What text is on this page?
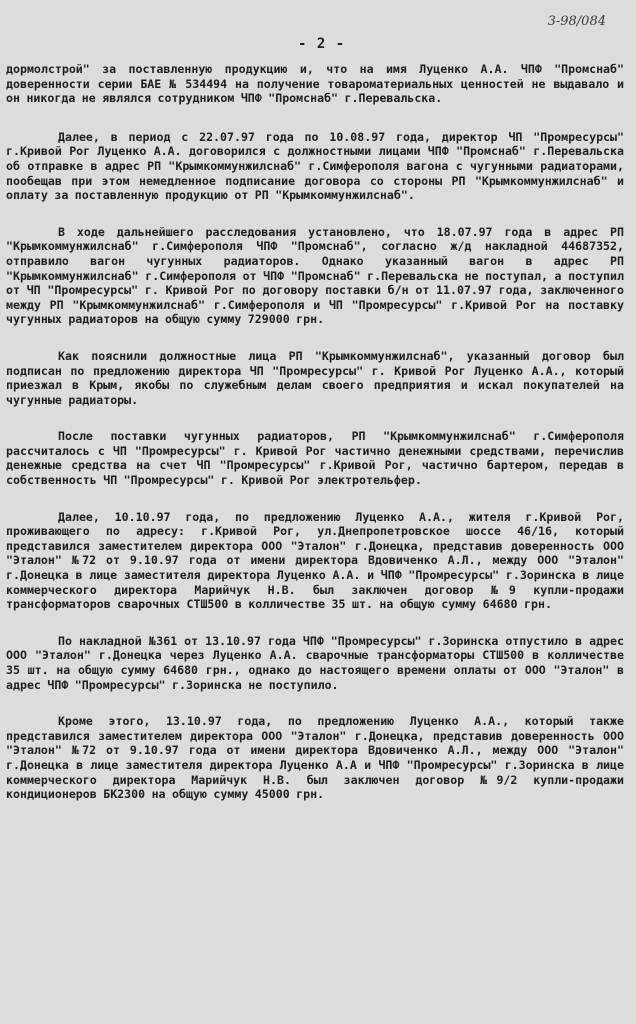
3-98/084
- 2 -

дормолстрой" за поставленную продукцию и, что на имя Луценко А.А. ЧПФ "Промснаб" доверенности серии БАЕ № 534494 на получение товароматериальных ценностей не выдавало и он никогда не являлся сотрудником ЧПФ "Промснаб" г.Перевальска.

Далее, в период с 22.07.97 года по 10.08.97 года, директор ЧП "Промресурсы" г.Кривой Рог Луценко А.А. договорился с должностными лицами ЧПФ "Промснаб" г.Перевальска об отправке в адрес РП "Крымкоммунжилснаб" г.Симферополя вагона с чугунными радиаторами, пообещав при этом немедленное подписание договора со стороны РП "Крымкоммунжилснаб" и оплату за поставленную продукцию от РП "Крымкоммунжилснаб".

В ходе дальнейшего расследования установлено, что 18.07.97 года в адрес РП "Крымкоммунжилснаб" г.Симферополя ЧПФ "Промснаб", согласно ж/д накладной 44687352, отправило вагон чугунных радиаторов. Однако указанный вагон в адрес РП "Крымкоммунжилснаб" г.Симферополя от ЧПФ "Промснаб" г.Перевальска не поступал, а поступил от ЧП "Промресурсы" г. Кривой Рог по договору поставки б/н от 11.07.97 года, заключенного между РП "Крымкоммунжилснаб" г.Симферополя и ЧП "Промресурсы" г.Кривой Рог на поставку чугунных радиаторов на общую сумму 729000 грн.

Как пояснили должностные лица РП "Крымкоммунжилснаб", указанный договор был подписан по предложению директора ЧП "Промресурсы" г. Кривой Рог Луценко А.А., который приезжал в Крым, якобы по служебным делам своего предприятия и искал покупателей на чугунные радиаторы.

После поставки чугунных радиаторов, РП "Крымкоммунжилснаб" г.Симферополя рассчиталось с ЧП "Промресурсы" г. Кривой Рог частично денежными средствами, перечислив денежные средства на счет ЧП "Промресурсы" г.Кривой Рог, частично бартером, передав в собственность ЧП "Промресурсы" г. Кривой Рог электротельфер.

Далее, 10.10.97 года, по предложению Луценко А.А., жителя г.Кривой Рог, проживающего по адресу: г.Кривой Рог, ул.Днепропетровское шоссе 46/16, который представился заместителем директора ООО "Эталон" г.Донецка, представив доверенность ООО "Эталон" №72 от 9.10.97 года от имени директора Вдовиченко А.Л., между ООО "Эталон" г.Донецка в лице заместителя директора Луценко А.А. и ЧПФ "Промресурсы" г.Зоринска в лице коммерческого директора Марийчук Н.В. был заключен договор №9 купли-продажи трансформаторов сварочных СТШ500 в колличестве 35 шт. на общую сумму 64680 грн.

По накладной №361 от 13.10.97 года ЧПФ "Промресурсы" г.Зоринска отпустило в адрес ООО "Эталон" г.Донецка через Луценко А.А. сварочные трансформаторы СТШ500 в колличестве 35 шт. на общую сумму 64680 грн., однако до настоящего времени оплаты от ООО "Эталон" в адрес ЧПФ "Промресурсы" г.Зоринска не поступило.

Кроме этого, 13.10.97 года, по предложению Луценко А.А., который также представился заместителем директора ООО "Эталон" г.Донецка, представив доверенность ООО "Эталон" №72 от 9.10.97 года от имени директора Вдовиченко А.Л., между ООО "Эталон" г.Донецка в лице заместителя директора Луценко А.А и ЧПФ "Промресурсы" г.Зоринска в лице коммерческого директора Марийчук Н.В. был заключен договор №9/2 купли-продажи кондиционеров БК2300 на общую сумму 45000 грн.
